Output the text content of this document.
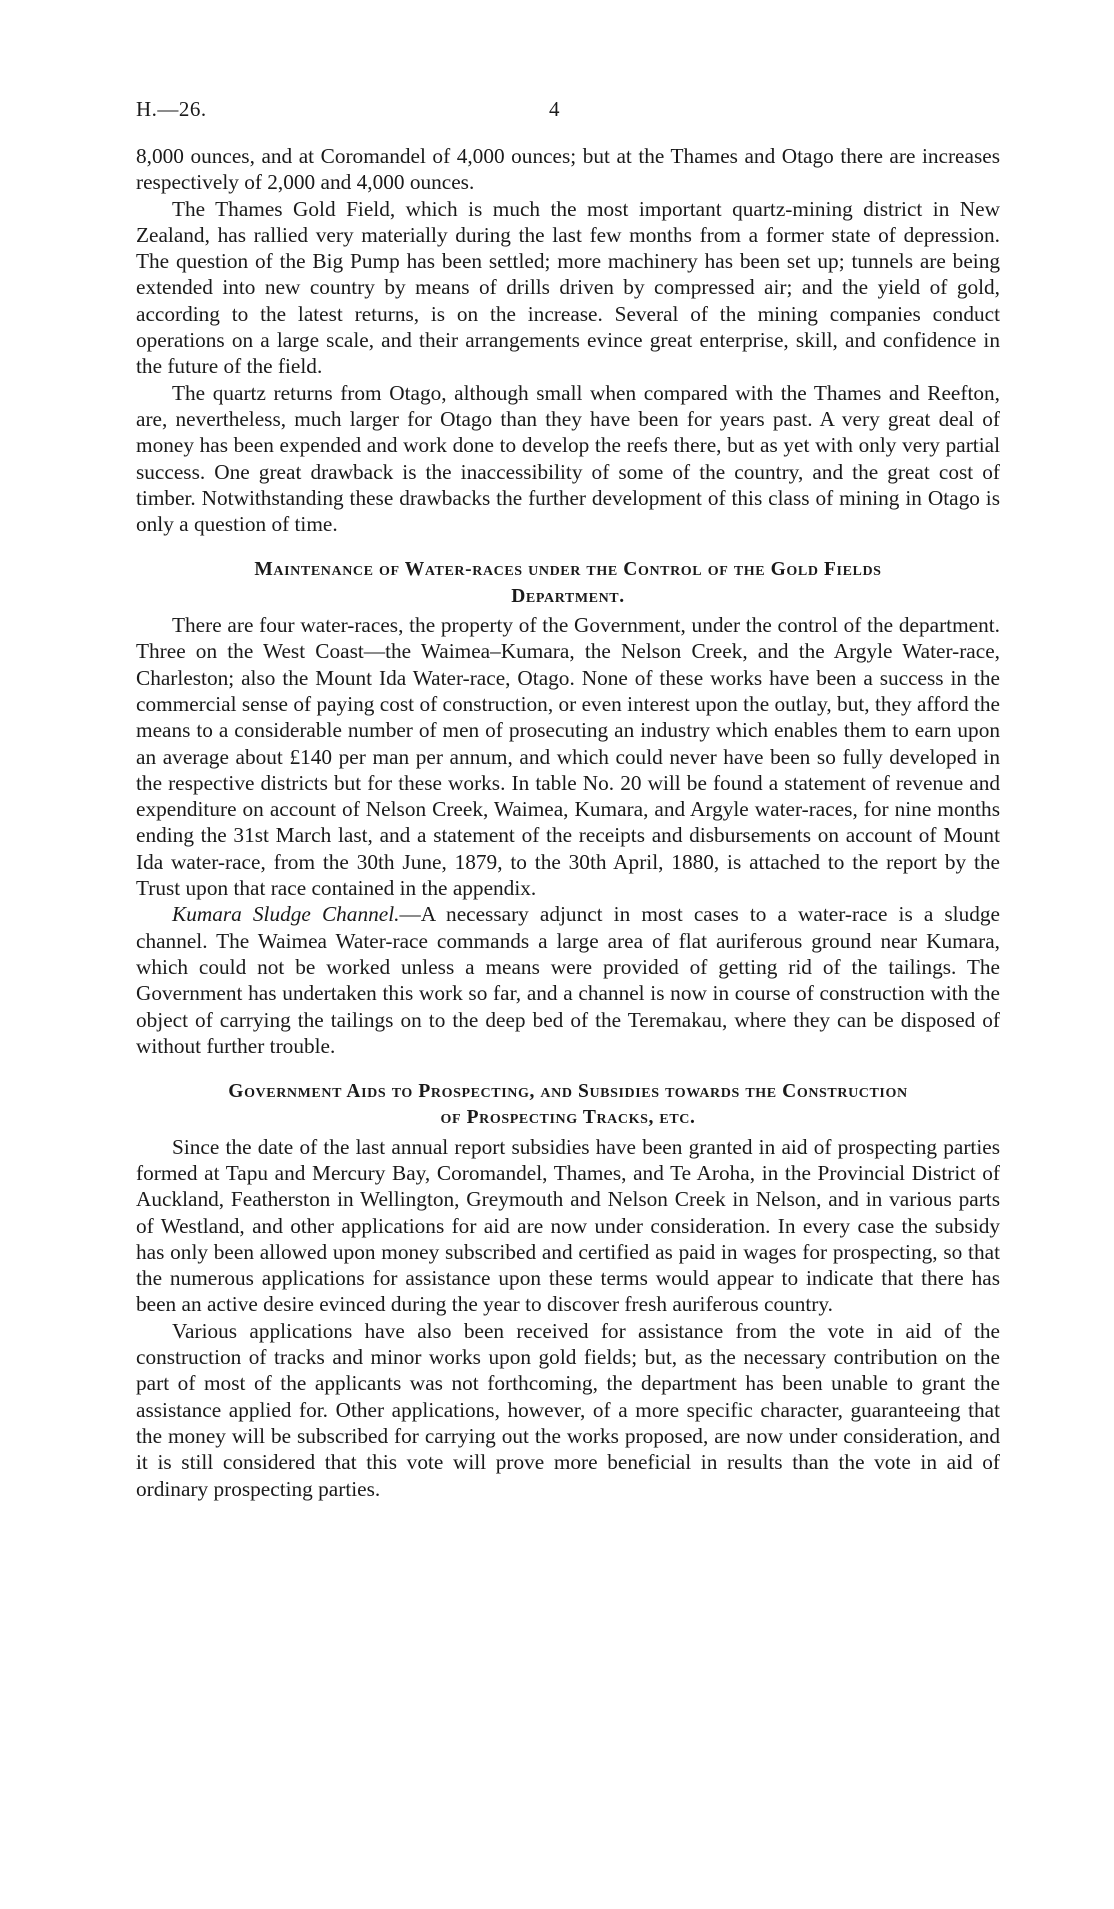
H.—26.	4

8,000 ounces, and at Coromandel of 4,000 ounces; but at the Thames and Otago there are increases respectively of 2,000 and 4,000 ounces.

The Thames Gold Field, which is much the most important quartz-mining district in New Zealand, has rallied very materially during the last few months from a former state of depression. The question of the Big Pump has been settled; more machinery has been set up; tunnels are being extended into new country by means of drills driven by compressed air; and the yield of gold, according to the latest returns, is on the increase. Several of the mining companies conduct operations on a large scale, and their arrangements evince great enterprise, skill, and confidence in the future of the field.

The quartz returns from Otago, although small when compared with the Thames and Reefton, are, nevertheless, much larger for Otago than they have been for years past. A very great deal of money has been expended and work done to develop the reefs there, but as yet with only very partial success. One great drawback is the inaccessibility of some of the country, and the great cost of timber. Notwithstanding these drawbacks the further development of this class of mining in Otago is only a question of time.

Maintenance of Water-races under the Control of the Gold Fields
Department.

There are four water-races, the property of the Government, under the control of the department. Three on the West Coast—the Waimea–Kumara, the Nelson Creek, and the Argyle Water-race, Charleston; also the Mount Ida Water-race, Otago. None of these works have been a success in the commercial sense of paying cost of construction, or even interest upon the outlay, but, they afford the means to a considerable number of men of prosecuting an industry which enables them to earn upon an average about £140 per man per annum, and which could never have been so fully developed in the respective districts but for these works. In table No. 20 will be found a statement of revenue and expenditure on account of Nelson Creek, Waimea, Kumara, and Argyle water-races, for nine months ending the 31st March last, and a statement of the receipts and disbursements on account of Mount Ida water-race, from the 30th June, 1879, to the 30th April, 1880, is attached to the report by the Trust upon that race contained in the appendix.

Kumara Sludge Channel.—A necessary adjunct in most cases to a water-race is a sludge channel. The Waimea Water-race commands a large area of flat auriferous ground near Kumara, which could not be worked unless a means were provided of getting rid of the tailings. The Government has undertaken this work so far, and a channel is now in course of construction with the object of carrying the tailings on to the deep bed of the Teremakau, where they can be disposed of without further trouble.

Government Aids to Prospecting, and Subsidies towards the Construction
of Prospecting Tracks, etc.

Since the date of the last annual report subsidies have been granted in aid of prospecting parties formed at Tapu and Mercury Bay, Coromandel, Thames, and Te Aroha, in the Provincial District of Auckland, Featherston in Wellington, Greymouth and Nelson Creek in Nelson, and in various parts of Westland, and other applications for aid are now under consideration. In every case the subsidy has only been allowed upon money subscribed and certified as paid in wages for prospecting, so that the numerous applications for assistance upon these terms would appear to indicate that there has been an active desire evinced during the year to discover fresh auriferous country.

Various applications have also been received for assistance from the vote in aid of the construction of tracks and minor works upon gold fields; but, as the necessary contribution on the part of most of the applicants was not forthcoming, the department has been unable to grant the assistance applied for. Other applications, however, of a more specific character, guaranteeing that the money will be subscribed for carrying out the works proposed, are now under consideration, and it is still considered that this vote will prove more beneficial in results than the vote in aid of ordinary prospecting parties.
